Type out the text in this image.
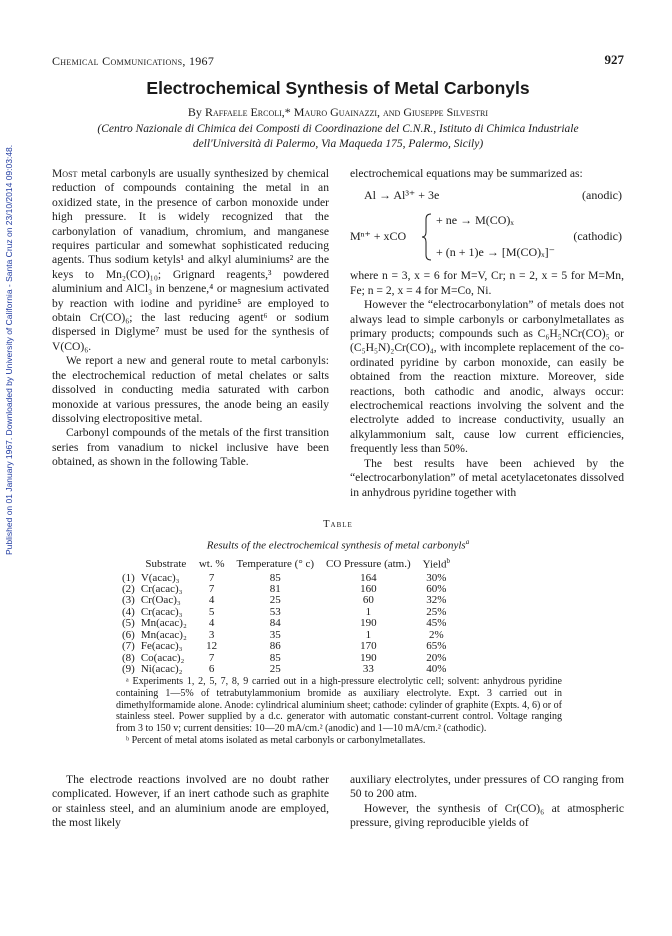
Published on 01 January 1967. Downloaded by University of California - Santa Cruz on 23/10/2014 09:03:48.
Chemical Communications, 1967	927
Electrochemical Synthesis of Metal Carbonyls
By Raffaele Ercoli,* Mauro Guainazzi, and Giuseppe Silvestri
(Centro Nazionale di Chimica dei Composti di Coordinazione del C.N.R., Istituto di Chimica Industriale
dell'Università di Palermo, Via Maqueda 175, Palermo, Sicily)

Most metal carbonyls are usually synthesized by chemical reduction of compounds containing the metal in an oxidized state, in the presence of carbon monoxide under high pressure. It is widely recognized that the carbonylation of vanadium, chromium, and manganese requires particular and somewhat sophisticated reducing agents. Thus sodium ketyls¹ and alkyl aluminiums² are the keys to Mn₂(CO)₁₀; Grignard reagents,³ powdered aluminium and AlCl₃ in benzene,⁴ or magnesium activated by reaction with iodine and pyridine⁵ are employed to obtain Cr(CO)₆; the last reducing agent⁶ or sodium dispersed in Diglyme⁷ must be used for the synthesis of V(CO)₆.

We report a new and general route to metal carbonyls: the electrochemical reduction of metal chelates or salts dissolved in conducting media saturated with carbon monoxide at various pressures, the anode being an easily dissolving electropositive metal.

Carbonyl compounds of the metals of the first transition series from vanadium to nickel inclusive have been obtained, as shown in the following Table.

electrochemical equations may be summarized as:

Al → Al³⁺ + 3e	(anodic)
Mⁿ⁺ + xCO
+ ne → M(CO)ₓ
(cathodic)
+ (n + 1)e → [M(CO)ₓ]⁻

where n = 3, x = 6 for M=V, Cr; n = 2, x = 5 for M=Mn, Fe; n = 2, x = 4 for M=Co, Ni.

However the “electrocarbonylation” of metals does not always lead to simple carbonyls or carbonylmetallates as primary products; compounds such as C₆H₅NCr(CO)₅ or (C₅H₅N)₂Cr(CO)₄, with incomplete replacement of the co-ordinated pyridine by carbon monoxide, can easily be obtained from the reaction mixture. Moreover, side reactions, both cathodic and anodic, always occur: electrochemical reactions involving the solvent and the electrolyte added to increase conductivity, usually an alkylammonium salt, cause low current efficiencies, frequently less than 50%.

The best results have been achieved by the “electrocarbonylation” of metal acetylacetonates dissolved in anhydrous pyridine together with

Table
Results of the electrochemical synthesis of metal carbonyls$^a$
	Substrate	wt. %	Temperature (° c)	CO Pressure (atm.)	Yield$^b$
(1)	V(acac)₃	7	85	164	30%
(2)	Cr(acac)₃	7	81	160	60%
(3)	Cr(Oac)₃	4	25	60	32%
(4)	Cr(acac)₃	5	53	1	25%
(5)	Mn(acac)₂	4	84	190	45%
(6)	Mn(acac)₂	3	35	1	2%
(7)	Fe(acac)₃	12	86	170	65%
(8)	Co(acac)₂	7	85	190	20%
(9)	Ni(acac)₂	6	25	33	40%

ᵃ Experiments 1, 2, 5, 7, 8, 9 carried out in a high-pressure electrolytic cell; solvent: anhydrous pyridine containing 1—5% of tetrabutylammonium bromide as auxiliary electrolyte. Expt. 3 carried out in dimethylformamide alone. Anode: cylindrical aluminium sheet; cathode: cylinder of graphite (Expts. 4, 6) or of stainless steel. Power supplied by a d.c. generator with automatic constant-current control. Voltage ranging from 3 to 150 v; current densities: 10—20 mA/cm.² (anodic) and 1—10 mA/cm.² (cathodic).

ᵇ Percent of metal atoms isolated as metal carbonyls or carbonylmetallates.

The electrode reactions involved are no doubt rather complicated. However, if an inert cathode such as graphite or stainless steel, and an aluminium anode are employed, the most likely

auxiliary electrolytes, under pressures of CO ranging from 50 to 200 atm.

However, the synthesis of Cr(CO)₆ at atmospheric pressure, giving reproducible yields of
